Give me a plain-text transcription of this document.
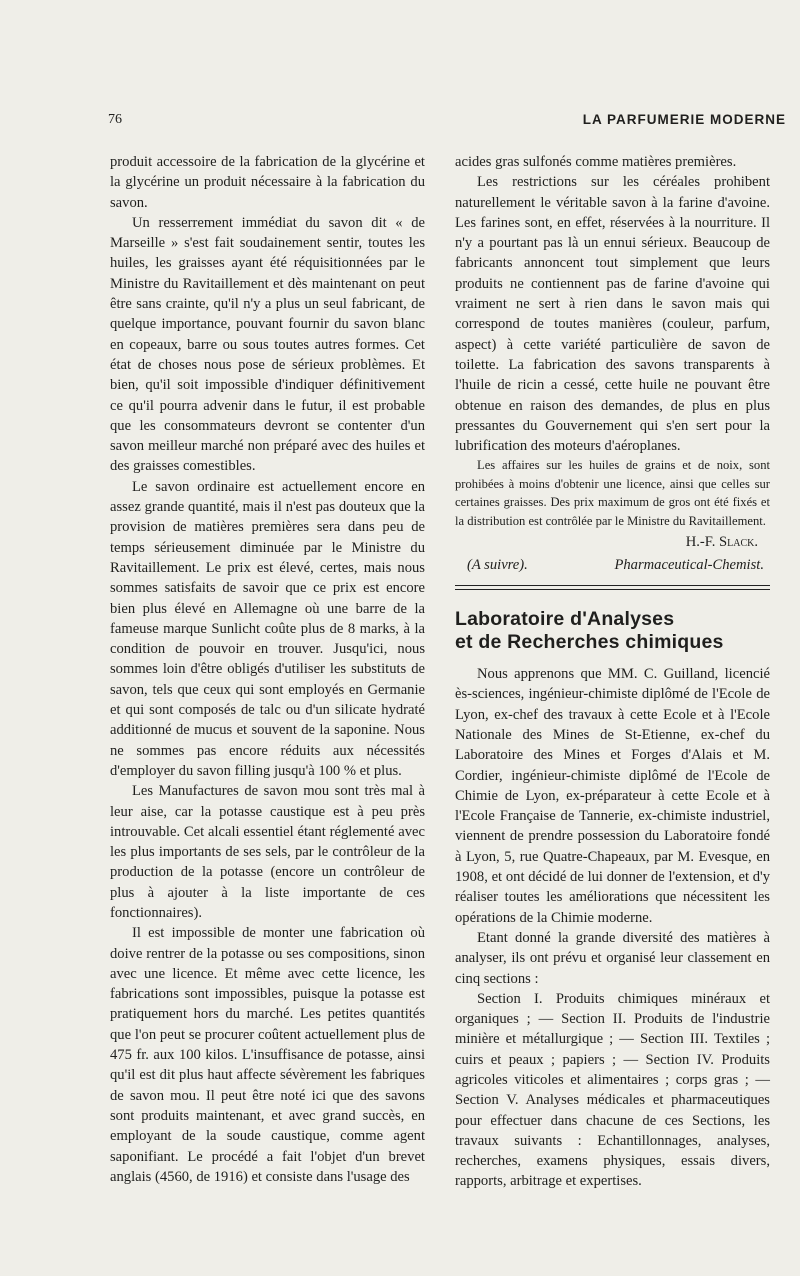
76	LA PARFUMERIE MODERNE

produit accessoire de la fabrication de la glycérine et la glycérine un produit nécessaire à la fabrication du savon.

Un resserrement immédiat du savon dit « de Marseille » s'est fait soudainement sentir, toutes les huiles, les graisses ayant été réquisitionnées par le Ministre du Ravitaillement et dès maintenant on peut être sans crainte, qu'il n'y a plus un seul fabricant, de quelque importance, pouvant fournir du savon blanc en copeaux, barre ou sous toutes autres formes. Cet état de choses nous pose de sérieux problèmes. Et bien, qu'il soit impossible d'indiquer définitivement ce qu'il pourra advenir dans le futur, il est probable que les consommateurs devront se contenter d'un savon meilleur marché non préparé avec des huiles et des graisses comestibles.

Le savon ordinaire est actuellement encore en assez grande quantité, mais il n'est pas douteux que la provision de matières premières sera dans peu de temps sérieusement diminuée par le Ministre du Ravitaillement. Le prix est élevé, certes, mais nous sommes satisfaits de savoir que ce prix est encore bien plus élevé en Allemagne où une barre de la fameuse marque Sunlicht coûte plus de 8 marks, à la condition de pouvoir en trouver. Jusqu'ici, nous sommes loin d'être obligés d'utiliser les substituts de savon, tels que ceux qui sont employés en Germanie et qui sont composés de talc ou d'un silicate hydraté additionné de mucus et souvent de la saponine. Nous ne sommes pas encore réduits aux nécessités d'employer du savon filling jusqu'à 100 % et plus.

Les Manufactures de savon mou sont très mal à leur aise, car la potasse caustique est à peu près introuvable. Cet alcali essentiel étant réglementé avec les plus importants de ses sels, par le contrôleur de la production de la potasse (encore un contrôleur de plus à ajouter à la liste importante de ces fonctionnaires).

Il est impossible de monter une fabrication où doive rentrer de la potasse ou ses compositions, sinon avec une licence. Et même avec cette licence, les fabrications sont impossibles, puisque la potasse est pratiquement hors du marché. Les petites quantités que l'on peut se procurer coûtent actuellement plus de 475 fr. aux 100 kilos. L'insuffisance de potasse, ainsi qu'il est dit plus haut affecte sévèrement les fabriques de savon mou. Il peut être noté ici que des savons sont produits maintenant, et avec grand succès, en employant de la soude caustique, comme agent saponifiant. Le procédé a fait l'objet d'un brevet anglais (4560, de 1916) et consiste dans l'usage des

acides gras sulfonés comme matières premières.

Les restrictions sur les céréales prohibent naturellement le véritable savon à la farine d'avoine. Les farines sont, en effet, réservées à la nourriture. Il n'y a pourtant pas là un ennui sérieux. Beaucoup de fabricants annoncent tout simplement que leurs produits ne contiennent pas de farine d'avoine qui vraiment ne sert à rien dans le savon mais qui correspond de toutes manières (couleur, parfum, aspect) à cette variété particulière de savon de toilette. La fabrication des savons transparents à l'huile de ricin a cessé, cette huile ne pouvant être obtenue en raison des demandes, de plus en plus pressantes du Gouvernement qui s'en sert pour la lubrification des moteurs d'aéroplanes.

Les affaires sur les huiles de grains et de noix, sont prohibées à moins d'obtenir une licence, ainsi que celles sur certaines graisses. Des prix maximum de gros ont été fixés et la distribution est contrôlée par le Ministre du Ravitaillement.

H.-F. Slack.
(A suivre).	Pharmaceutical-Chemist.
Laboratoire d'Analyses
et de Recherches chimiques

Nous apprenons que MM. C. Guilland, licencié ès-sciences, ingénieur-chimiste diplômé de l'Ecole de Lyon, ex-chef des travaux à cette Ecole et à l'Ecole Nationale des Mines de St-Etienne, ex-chef du Laboratoire des Mines et Forges d'Alais et M. Cordier, ingénieur-chimiste diplômé de l'Ecole de Chimie de Lyon, ex-préparateur à cette Ecole et à l'Ecole Française de Tannerie, ex-chimiste industriel, viennent de prendre possession du Laboratoire fondé à Lyon, 5, rue Quatre-Chapeaux, par M. Evesque, en 1908, et ont décidé de lui donner de l'extension, et d'y réaliser toutes les améliorations que nécessitent les opérations de la Chimie moderne.

Etant donné la grande diversité des matières à analyser, ils ont prévu et organisé leur classement en cinq sections :

Section I. Produits chimiques minéraux et organiques ; — Section II. Produits de l'industrie minière et métallurgique ; — Section III. Textiles ; cuirs et peaux ; papiers ; — Section IV. Produits agricoles viticoles et alimentaires ; corps gras ; — Section V. Analyses médicales et pharmaceutiques pour effectuer dans chacune de ces Sections, les travaux suivants : Echantillonnages, analyses, recherches, examens physiques, essais divers, rapports, arbitrage et expertises.
